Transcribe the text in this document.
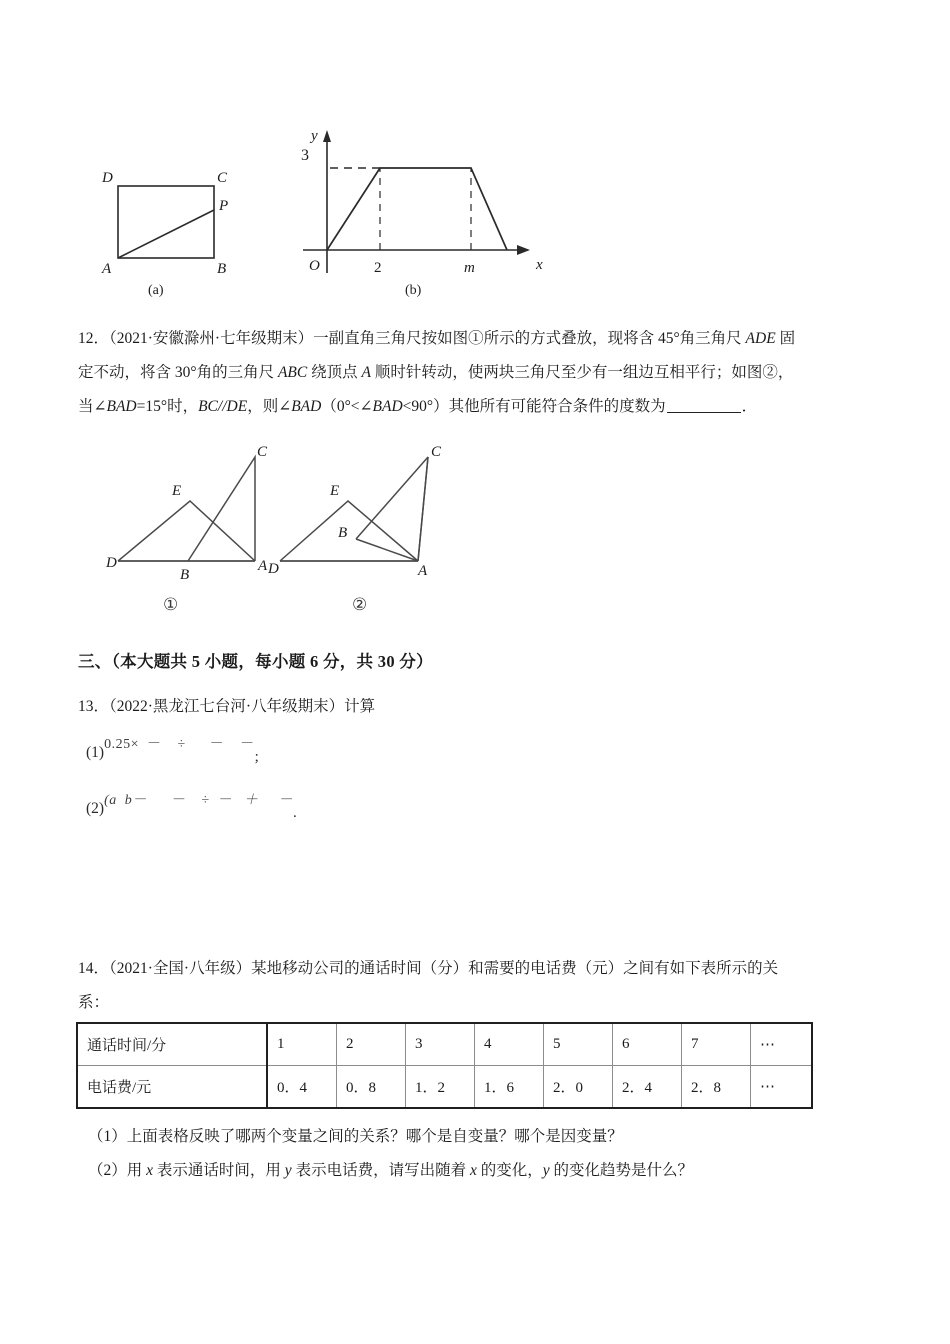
D	C
P
A	B
(a)
3
O	2	m	x
y
(b)
12．（2021·安徽滁州·七年级期末）一副直角三角尺按如图①所示的方式叠放，现将含 45°角三角尺 ADE 固
定不动，将含 30°角的三角尺 ABC 绕顶点 A 顺时针转动，使两块三角尺至少有一组边互相平行；如图②，
当∠BAD=15°时，BC//DE，则∠BAD（0°<∠BAD<90°）其他所有可能符合条件的度数为	．
C
E
D
B
A
C
E
D
B
A
①	②
三、（本大题共 5 小题，每小题 6 分，共 30 分）
13．（2022·黑龙江七台河·八年级期末）计算
(1)0.25×  －    ÷      －    －;
(2)(a  b－      －    ÷  －   ＋     －.
14．（2021·全国·八年级）某地移动公司的通话时间（分）和需要的电话费（元）之间有如下表所示的关
系：
通话时间/分	1	2	3	4	5	6	7	⋯
电话费/元	0．4	0．8	1．2	1．6	2．0	2．4	2．8	⋯
（1）上面表格反映了哪两个变量之间的关系？哪个是自变量？哪个是因变量？
（2）用 x 表示通话时间，用 y 表示电话费，请写出随着 x 的变化，y 的变化趋势是什么？
